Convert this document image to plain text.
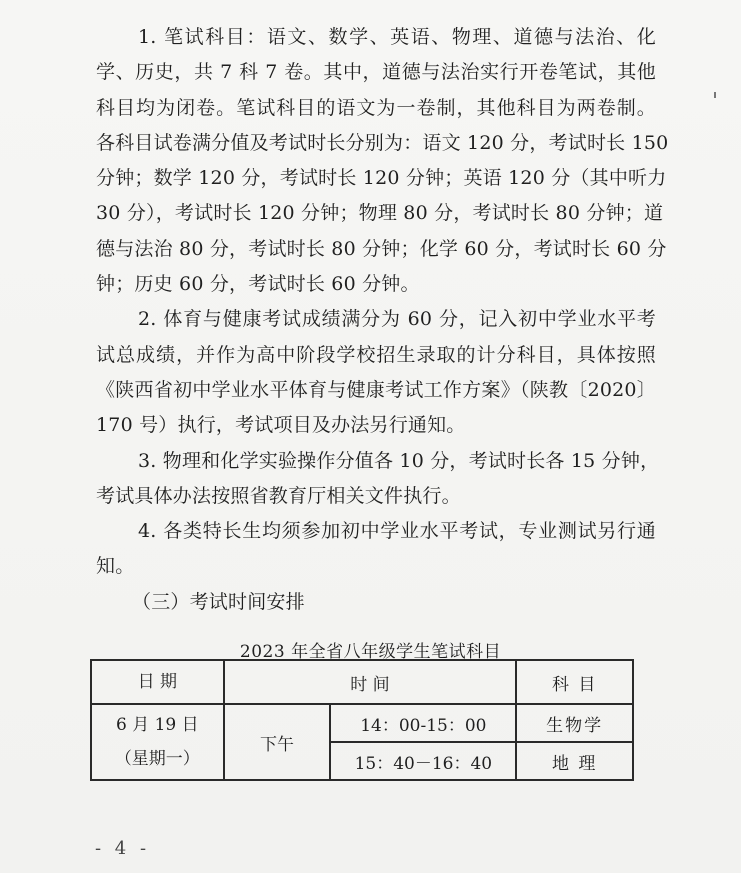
1. 笔试科目：语文、数学、英语、物理、道德与法治、化
学、历史，共 7 科 7 卷。其中，道德与法治实行开卷笔试，其他
科目均为闭卷。笔试科目的语文为一卷制，其他科目为两卷制。
各科目试卷满分值及考试时长分别为：语文 120 分，考试时长 150
分钟；数学 120 分，考试时长 120 分钟；英语 120 分（其中听力
30 分），考试时长 120 分钟；物理 80 分，考试时长 80 分钟；道
德与法治 80 分，考试时长 80 分钟；化学 60 分，考试时长 60 分
钟；历史 60 分，考试时长 60 分钟。
2. 体育与健康考试成绩满分为 60 分，记入初中学业水平考
试总成绩，并作为高中阶段学校招生录取的计分科目，具体按照
《陕西省初中学业水平体育与健康考试工作方案》（陕教〔2020〕
170 号）执行，考试项目及办法另行通知。
3. 物理和化学实验操作分值各 10 分，考试时长各 15 分钟，
考试具体办法按照省教育厅相关文件执行。
4. 各类特长生均须参加初中学业水平考试，专业测试另行通
知。
（三）考试时间安排
2023 年全省八年级学生笔试科目
日 期	时 间		科 目

6 月 19 日
（星期一）	下午	14：00-15：00	生物学
		15：40－16：40	地 理
- 4 -
